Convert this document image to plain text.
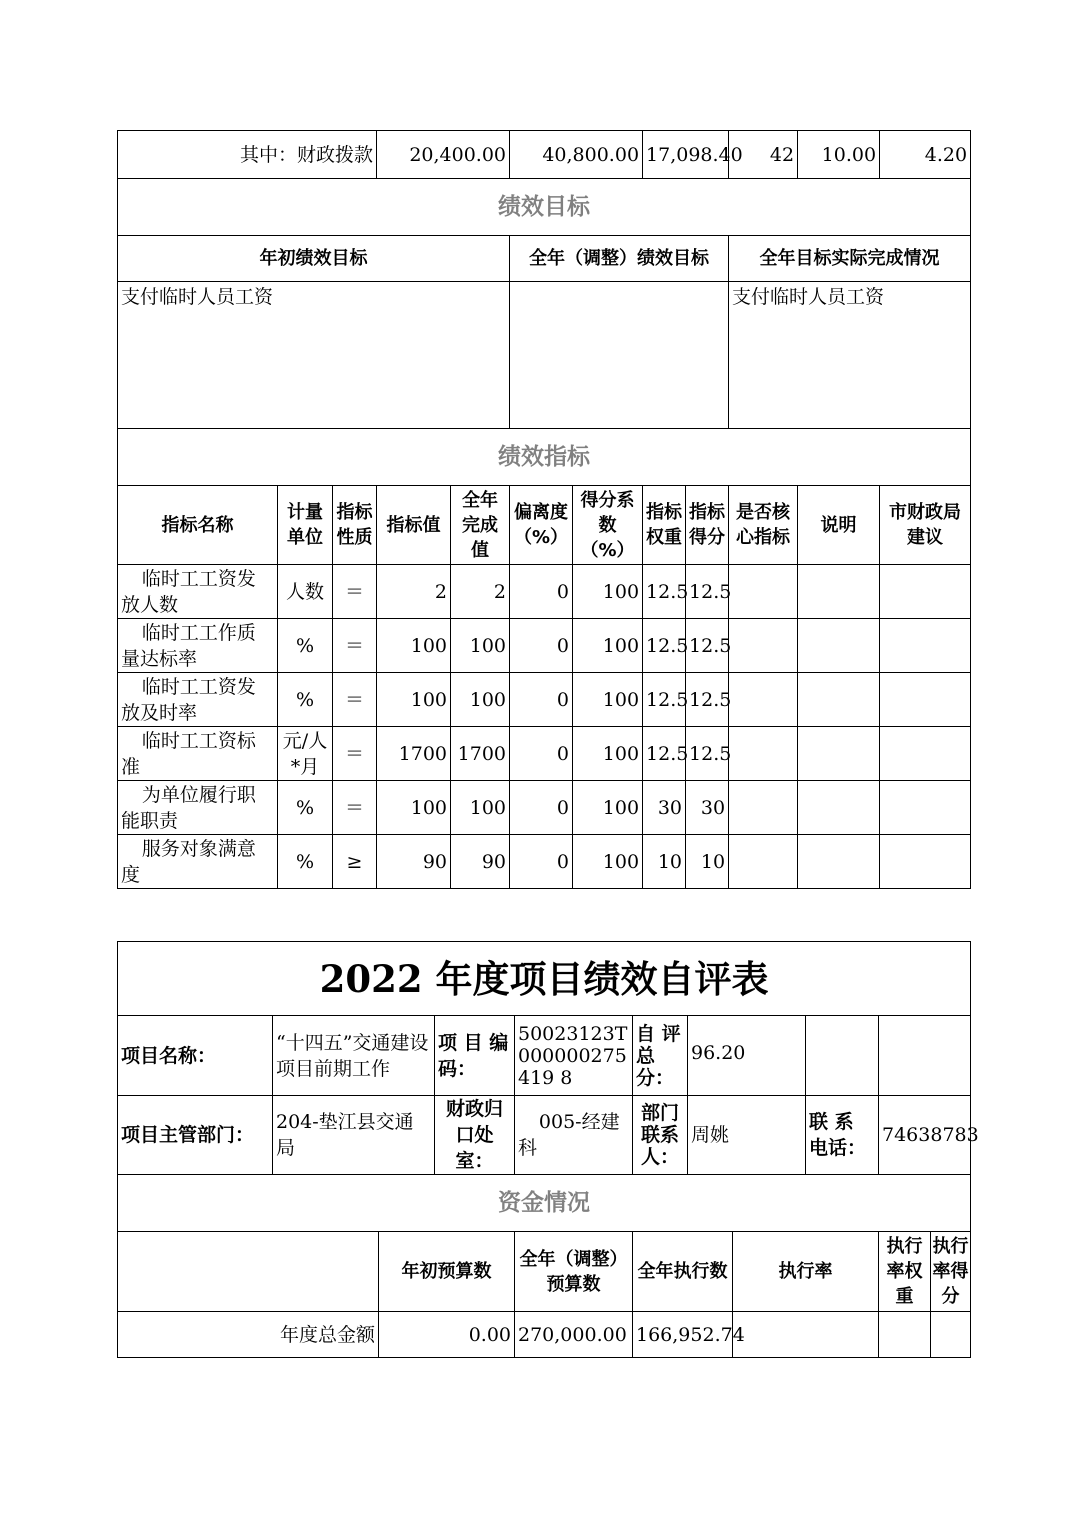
其中：财政拨款			20,400.00		40,800.00		17,098.40		42	10.00	4.20
绩效目标											
年初绩效目标					全年（调整）绩效目标				全年目标实际完成情况		
支付临时人员工资									支付临时人员工资		
绩效指标											
指标名称	计量单位	指标性质	指标值	全年完成值	偏离度（%）	得分系数（%）	指标权重	指标得分	是否核心指标	说明	市财政局建议
临时工工资发放人数	人数	＝	2	2	0	100	12.5	12.5			
临时工工作质量达标率	%	＝	100	100	0	100	12.5	12.5			
临时工工资发放及时率	%	＝	100	100	0	100	12.5	12.5			
临时工工资标准	元/人*月	＝	1700	1700	0	100	12.5	12.5			
为单位履行职能职责	%	＝	100	100	0	100	30	30			
服务对象满意度	%	≥	90	90	0	100	10	10			
2022 年度项目绩效自评表										
项目名称：	“十四五”交通建设项目前期工作		项 目 编码：	50023123T000000275419 8	自 评 总 分：	96.20				
项目主管部门：	204-垫江县交通局		财政归口处室：	005-经建科	部门联系人：	周姚		联 系 电话：	74638783	
资金情况										
		年初预算数		全年（调整）预算数	全年执行数		执行率		执行率权重	执行率得分
年度总金额		0.00		270,000.00	166,952.74					
